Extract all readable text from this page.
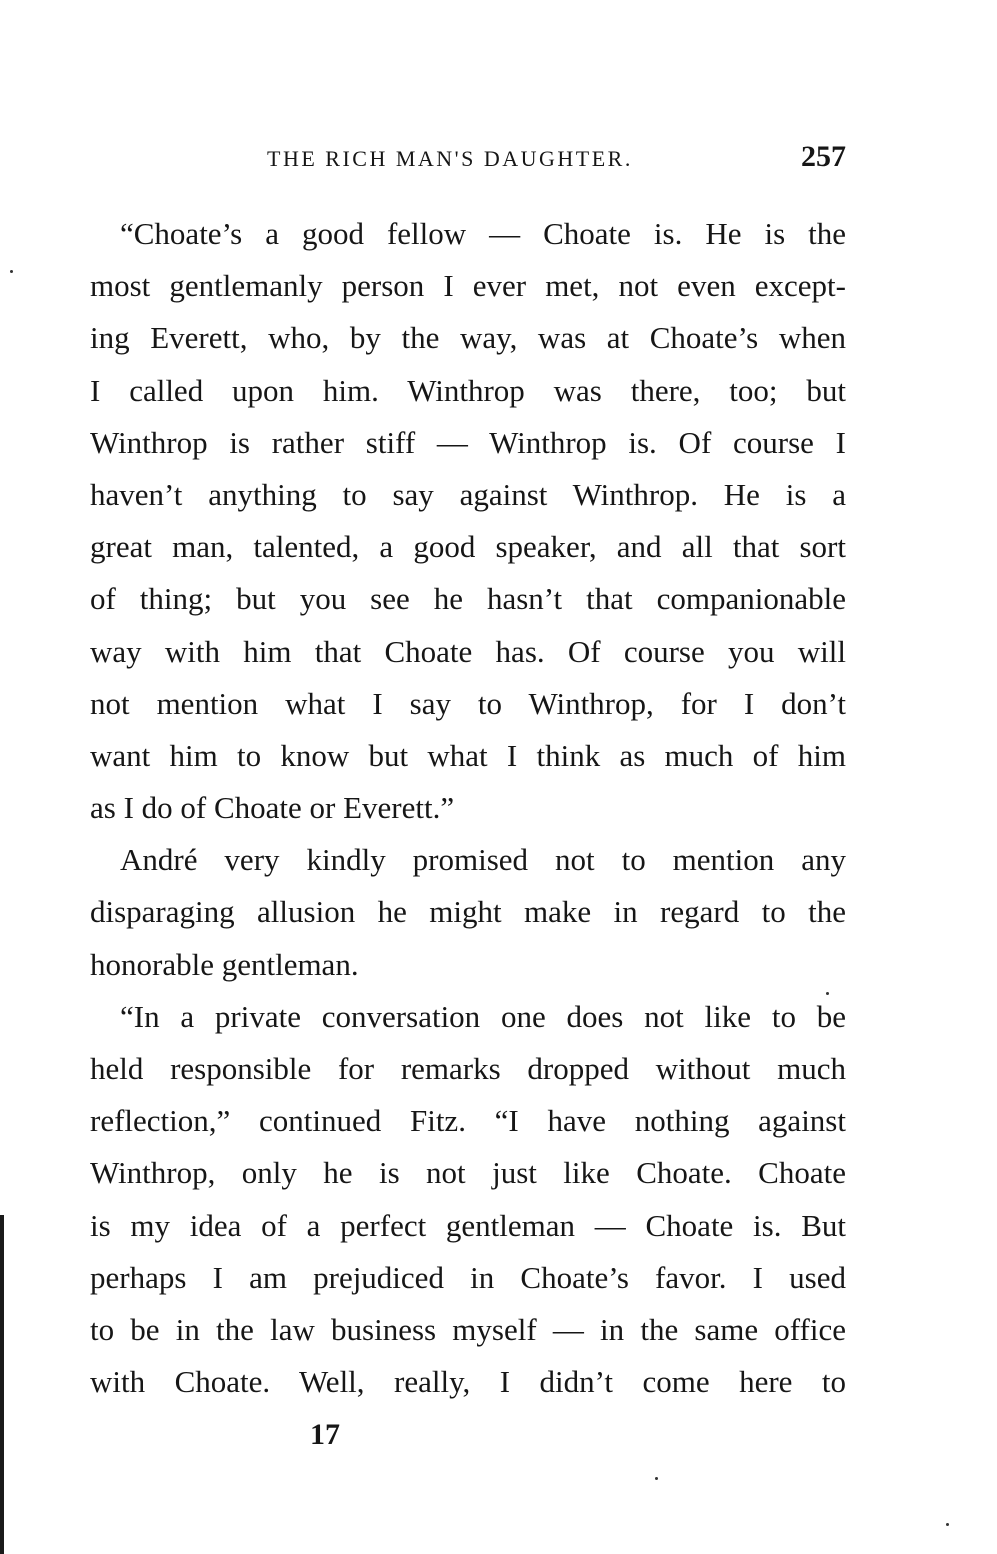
THE RICH MAN'S DAUGHTER.	257
“Choate’s a good fellow — Choate is. He is the
most gentlemanly person I ever met, not even except-
ing Everett, who, by the way, was at Choate’s when
I called upon him. Winthrop was there, too; but
Winthrop is rather stiff — Winthrop is. Of course I
haven’t anything to say against Winthrop. He is a
great man, talented, a good speaker, and all that sort
of thing; but you see he hasn’t that companionable
way with him that Choate has. Of course you will
not mention what I say to Winthrop, for I don’t
want him to know but what I think as much of him
as I do of Choate or Everett.”
André very kindly promised not to mention any
disparaging allusion he might make in regard to the
honorable gentleman.
“In a private conversation one does not like to be
held responsible for remarks dropped without much
reflection,” continued Fitz. “I have nothing against
Winthrop, only he is not just like Choate. Choate
is my idea of a perfect gentleman — Choate is. But
perhaps I am prejudiced in Choate’s favor. I used
to be in the law business myself — in the same office
with Choate. Well, really, I didn’t come here to
17
